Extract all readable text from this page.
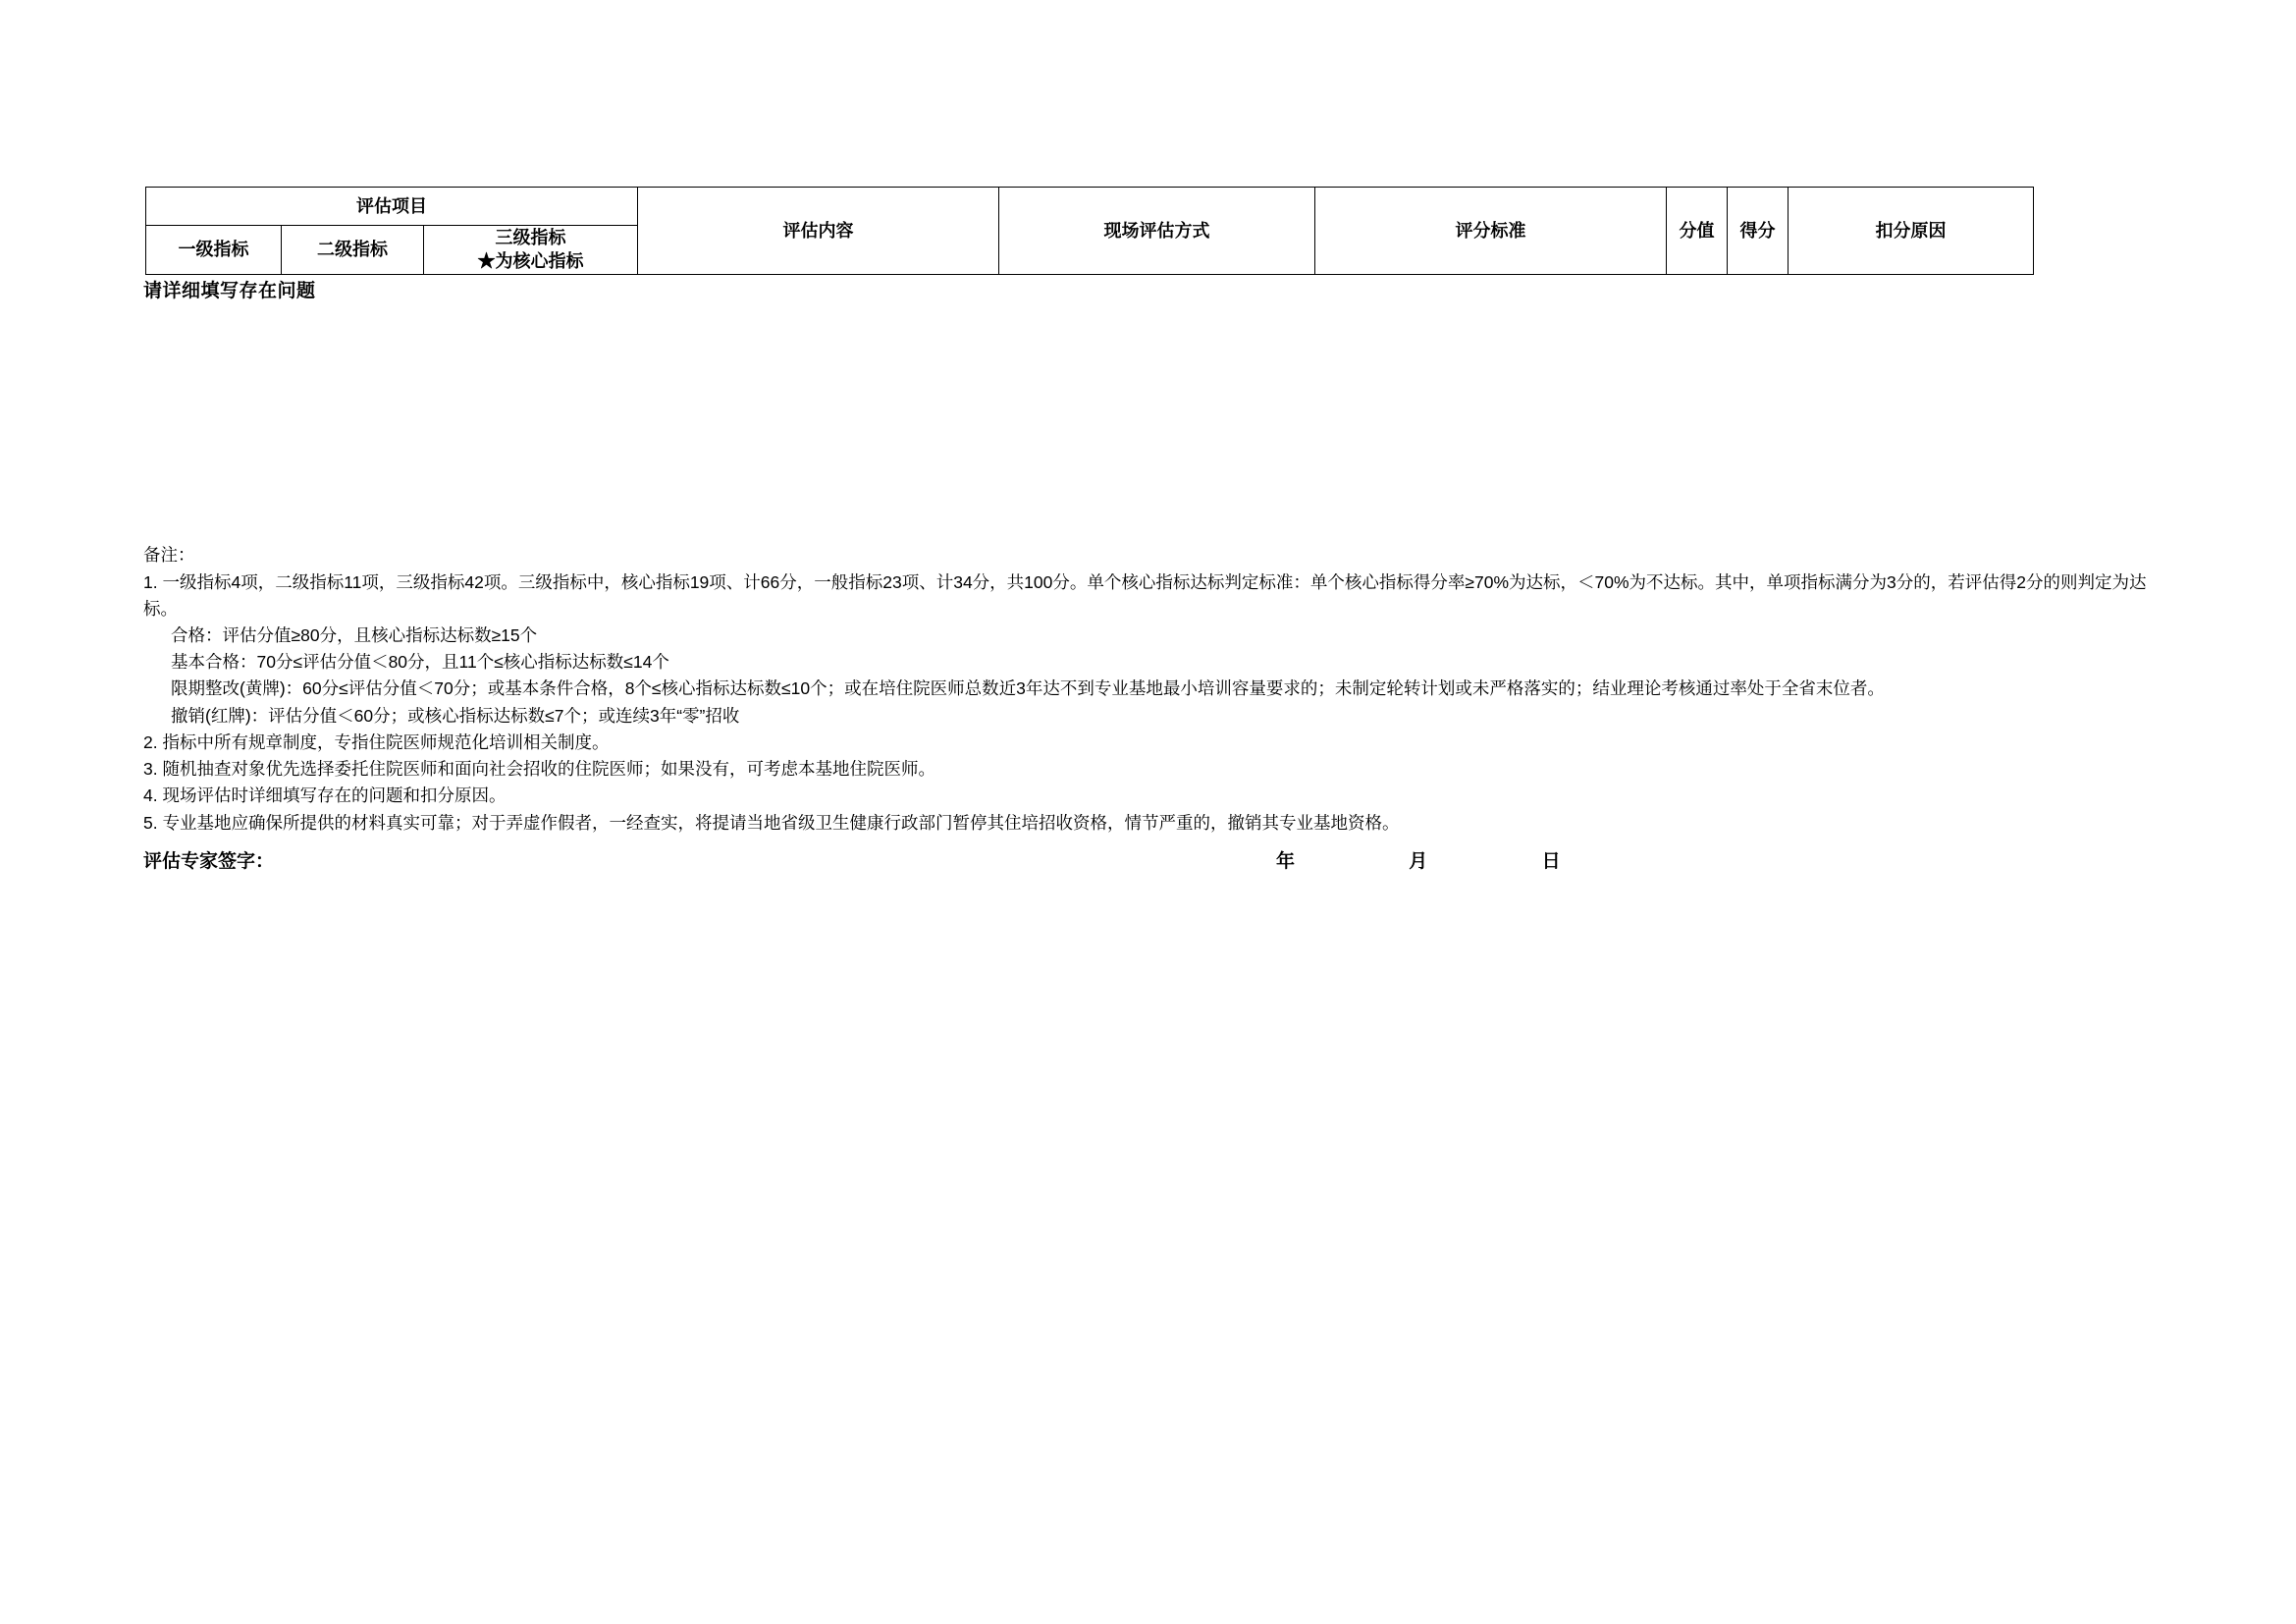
评估项目			评估内容	现场评估方式	评分标准	分值	得分	扣分原因
一级指标	二级指标	三级指标
★为核心指标						
请详细填写存在问题

备注：

1. 一级指标4项，二级指标11项，三级指标42项。三级指标中，核心指标19项、计66分，一般指标23项、计34分，共100分。单个核心指标达标判定标准：单个核心指标得分率≥70%为达标，＜70%为不达标。其中，单项指标满分为3分的，若评估得2分的则判定为达标。

合格：评估分值≥80分，且核心指标达标数≥15个

基本合格：70分≤评估分值＜80分，且11个≤核心指标达标数≤14个

限期整改(黄牌)：60分≤评估分值＜70分；或基本条件合格，8个≤核心指标达标数≤10个；或在培住院医师总数近3年达不到专业基地最小培训容量要求的；未制定轮转计划或未严格落实的；结业理论考核通过率处于全省末位者。

撤销(红牌)：评估分值＜60分；或核心指标达标数≤7个；或连续3年“零”招收

2. 指标中所有规章制度，专指住院医师规范化培训相关制度。

3. 随机抽查对象优先选择委托住院医师和面向社会招收的住院医师；如果没有，可考虑本基地住院医师。

4. 现场评估时详细填写存在的问题和扣分原因。

5. 专业基地应确保所提供的材料真实可靠；对于弄虚作假者，一经查实，将提请当地省级卫生健康行政部门暂停其住培招收资格，情节严重的，撤销其专业基地资格。

评估专家签字：	年	月	日
